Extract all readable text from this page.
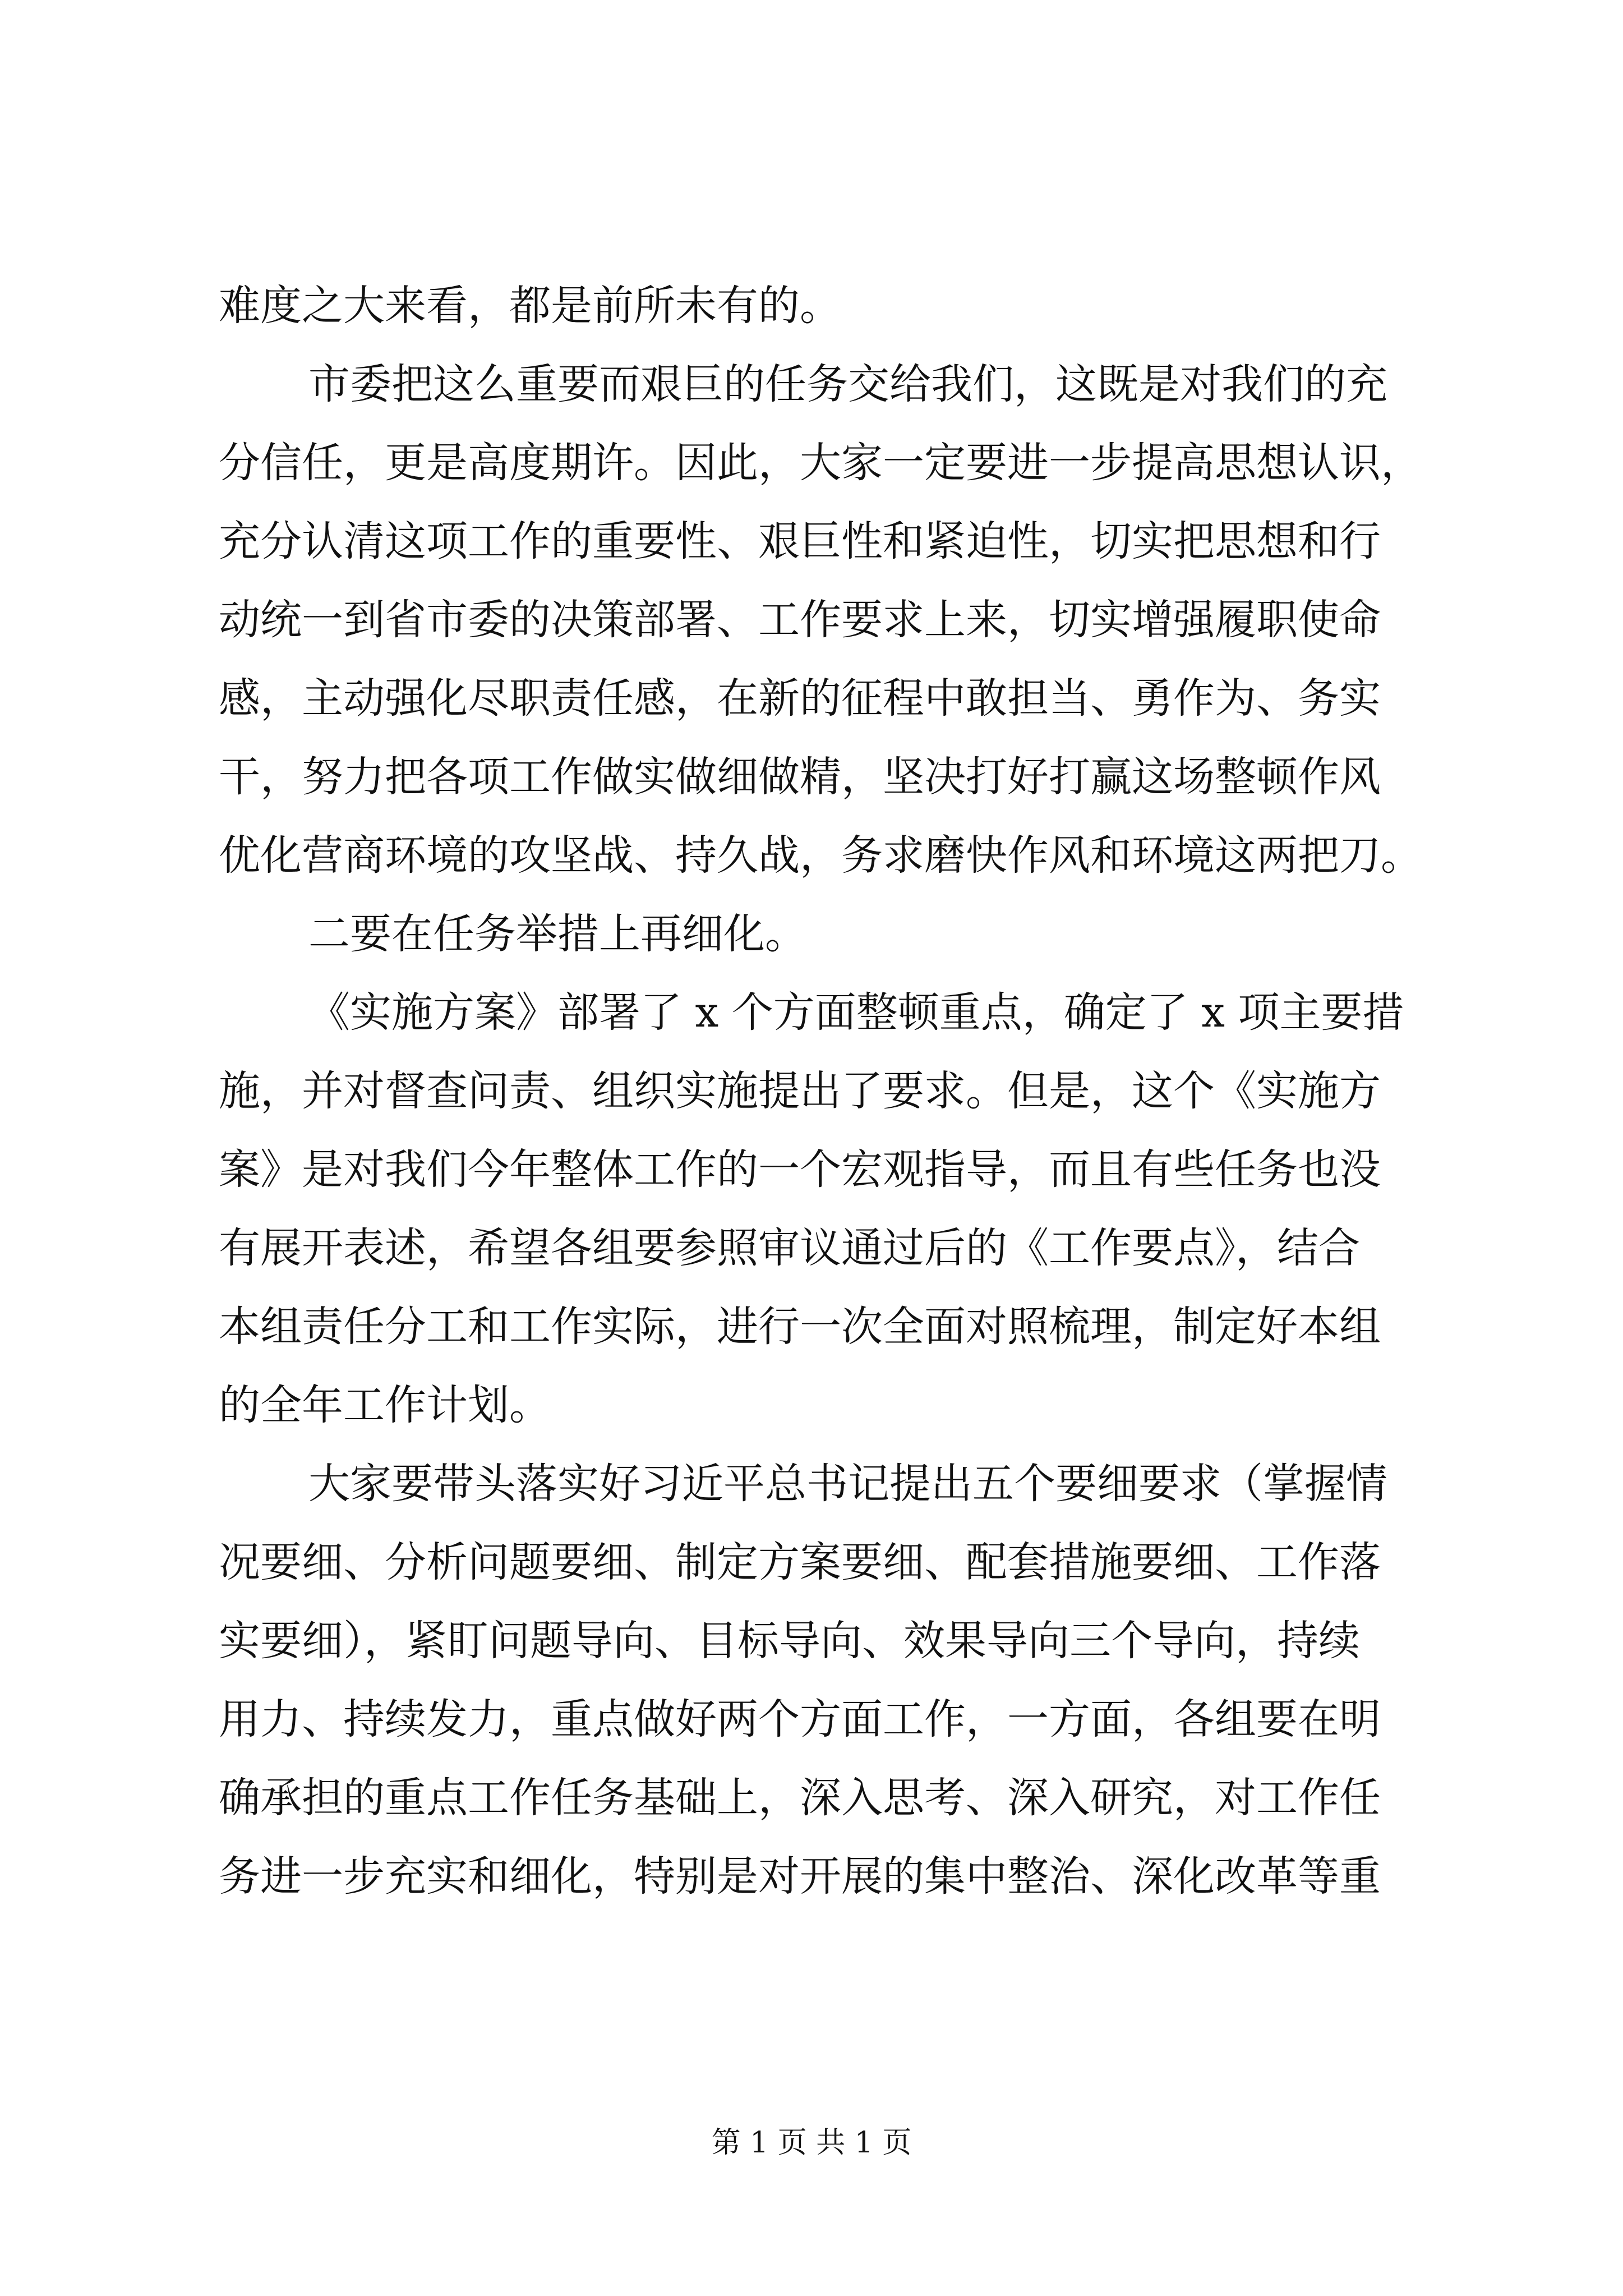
难度之大来看，都是前所未有的。

市委把这么重要而艰巨的任务交给我们，这既是对我们的充
分信任，更是高度期许。因此，大家一定要进一步提高思想认识，
充分认清这项工作的重要性、艰巨性和紧迫性，切实把思想和行
动统一到省市委的决策部署、工作要求上来，切实增强履职使命
感，主动强化尽职责任感，在新的征程中敢担当、勇作为、务实
干，努力把各项工作做实做细做精，坚决打好打赢这场整顿作风
优化营商环境的攻坚战、持久战，务求磨快作风和环境这两把刀。

二要在任务举措上再细化。

《实施方案》部署了 x 个方面整顿重点，确定了 x 项主要措
施，并对督查问责、组织实施提出了要求。但是，这个《实施方
案》是对我们今年整体工作的一个宏观指导，而且有些任务也没
有展开表述，希望各组要参照审议通过后的《工作要点》，结合
本组责任分工和工作实际，进行一次全面对照梳理，制定好本组
的全年工作计划。

大家要带头落实好习近平总书记提出五个要细要求（掌握情
况要细、分析问题要细、制定方案要细、配套措施要细、工作落
实要细），紧盯问题导向、目标导向、效果导向三个导向，持续
用力、持续发力，重点做好两个方面工作，一方面，各组要在明
确承担的重点工作任务基础上，深入思考、深入研究，对工作任
务进一步充实和细化，特别是对开展的集中整治、深化改革等重

第 1 页 共 1 页
